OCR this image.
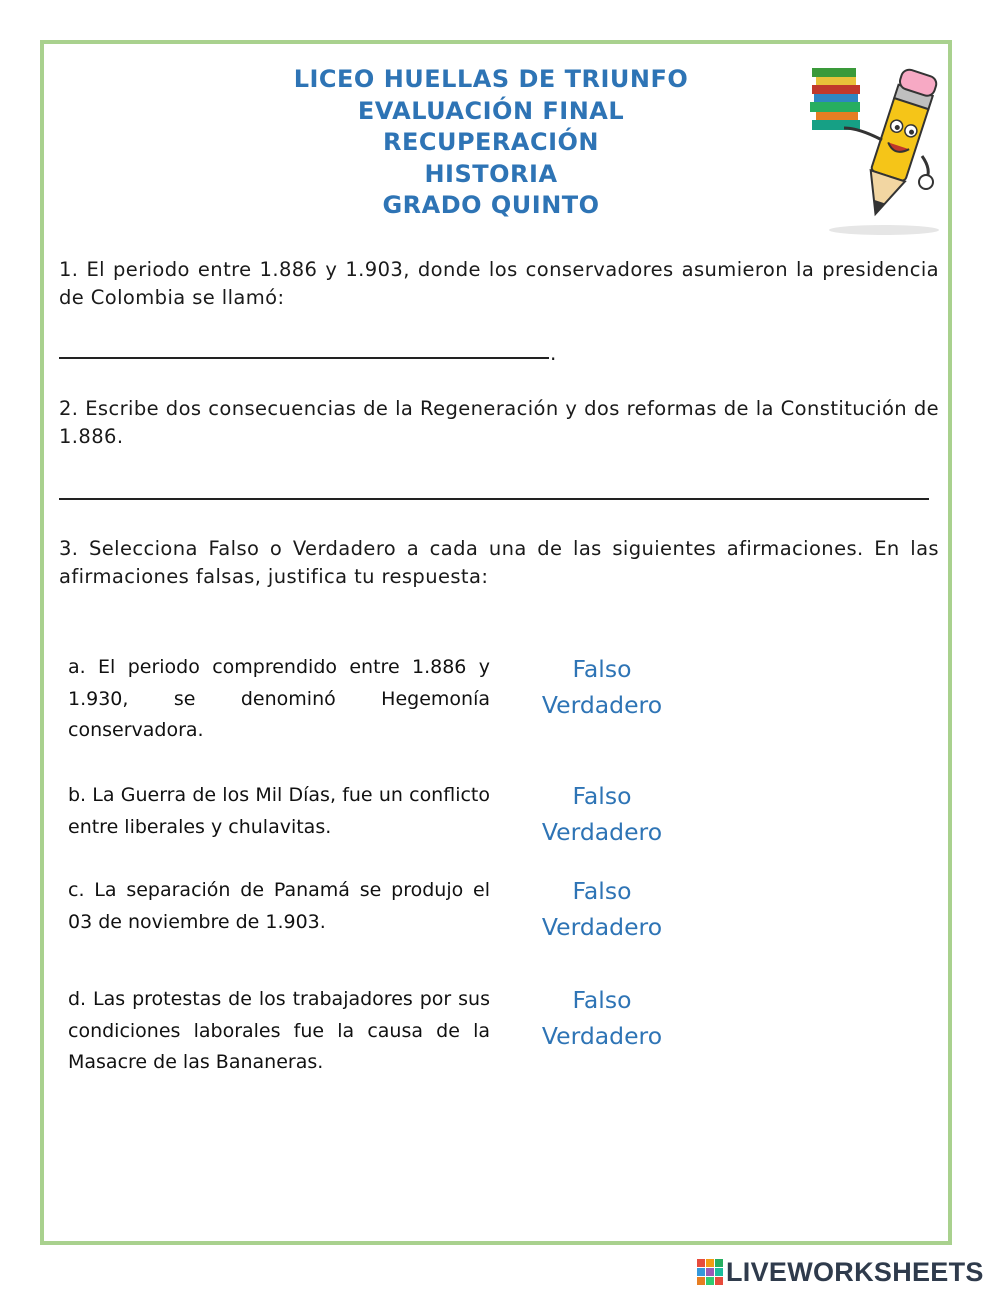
LICEO HUELLAS DE TRIUNFO
EVALUACIÓN FINAL
RECUPERACIÓN
HISTORIA
GRADO QUINTO
1. El periodo entre 1.886 y 1.903, donde los conservadores asumieron la presidencia de Colombia se llamó:
.
2. Escribe dos consecuencias de la Regeneración y dos reformas de la Constitución de 1.886.
3. Selecciona Falso o Verdadero a cada una de las siguientes afirmaciones. En las afirmaciones falsas, justifica tu respuesta:
a. El periodo comprendido entre 1.886 y 1.930, se denominó Hegemonía conservadora.
Falso
Verdadero
b. La Guerra de los Mil Días, fue un conflicto entre liberales y chulavitas.
Falso
Verdadero
c. La separación de Panamá se produjo el 03 de noviembre de 1.903.
Falso
Verdadero
d. Las protestas de los trabajadores por sus condiciones laborales fue la causa de la Masacre de las Bananeras.
Falso
Verdadero
LIVEWORKSHEETS
